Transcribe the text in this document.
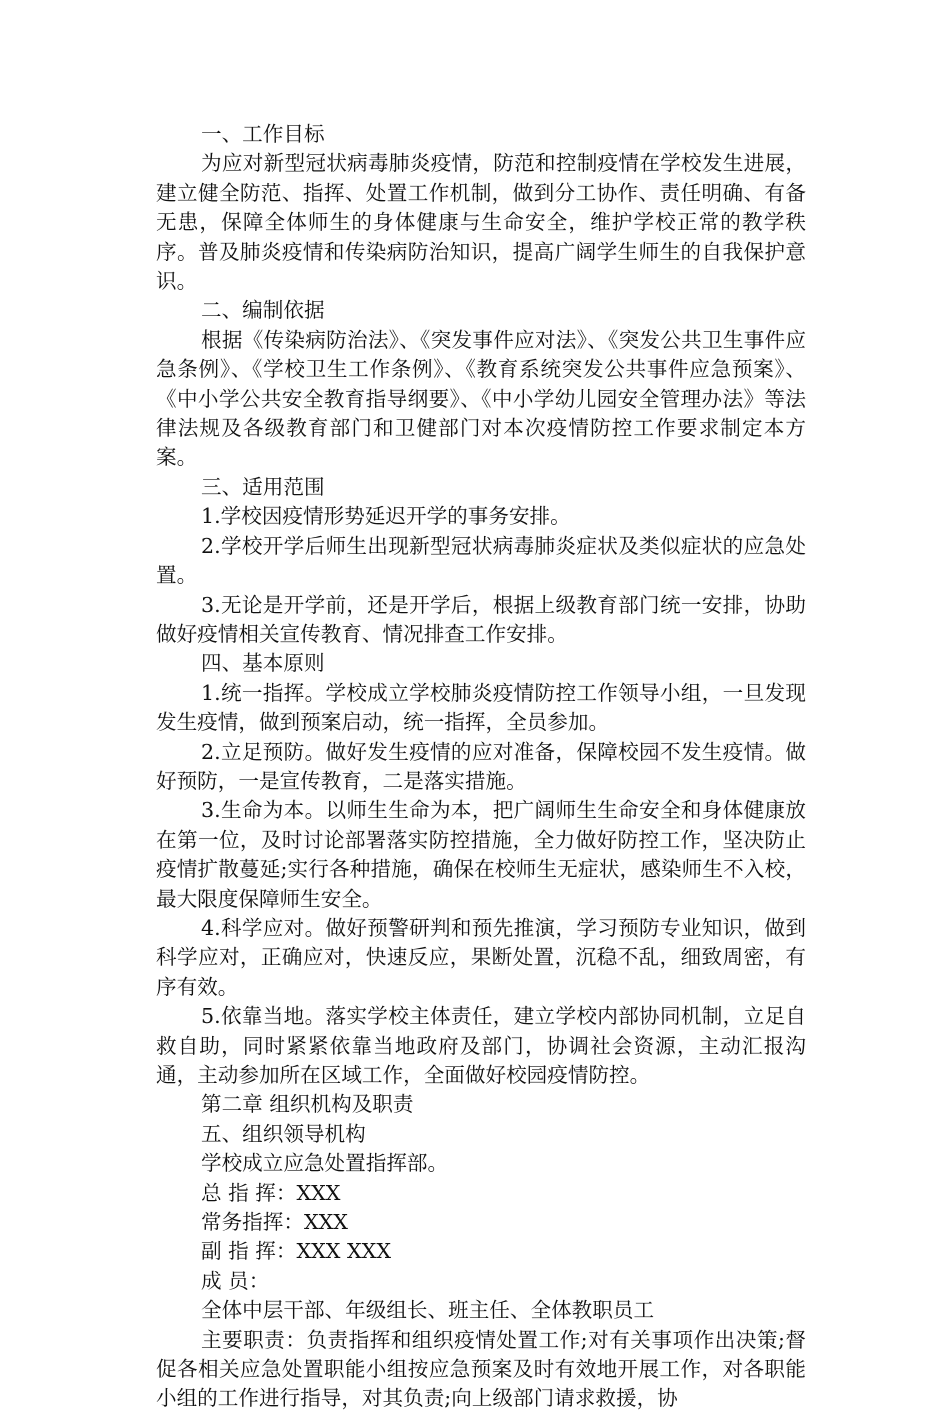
一、工作目标

为应对新型冠状病毒肺炎疫情，防范和控制疫情在学校发生进展，建立健全防范、指挥、处置工作机制，做到分工协作、责任明确、有备无患，保障全体师生的身体健康与生命安全，维护学校正常的教学秩序。普及肺炎疫情和传染病防治知识，提高广阔学生师生的自我保护意识。

二、编制依据

根据《传染病防治法》、《突发事件应对法》、《突发公共卫生事件应急条例》、《学校卫生工作条例》、《教育系统突发公共事件应急预案》、《中小学公共安全教育指导纲要》、《中小学幼儿园安全管理办法》等法律法规及各级教育部门和卫健部门对本次疫情防控工作要求制定本方案。

三、适用范围

1.学校因疫情形势延迟开学的事务安排。

2.学校开学后师生出现新型冠状病毒肺炎症状及类似症状的应急处置。

3.无论是开学前，还是开学后，根据上级教育部门统一安排，协助做好疫情相关宣传教育、情况排查工作安排。

四、基本原则

1.统一指挥。学校成立学校肺炎疫情防控工作领导小组，一旦发现发生疫情，做到预案启动，统一指挥，全员参加。

2.立足预防。做好发生疫情的应对准备，保障校园不发生疫情。做好预防，一是宣传教育，二是落实措施。

3.生命为本。以师生生命为本，把广阔师生生命安全和身体健康放在第一位，及时讨论部署落实防控措施，全力做好防控工作，坚决防止疫情扩散蔓延;实行各种措施，确保在校师生无症状，感染师生不入校，最大限度保障师生安全。

4.科学应对。做好预警研判和预先推演，学习预防专业知识，做到科学应对，正确应对，快速反应，果断处置，沉稳不乱，细致周密，有序有效。

5.依靠当地。落实学校主体责任，建立学校内部协同机制，立足自救自助，同时紧紧依靠当地政府及部门，协调社会资源，主动汇报沟通，主动参加所在区域工作，全面做好校园疫情防控。

第二章 组织机构及职责

五、组织领导机构

学校成立应急处置指挥部。

总 指 挥：XXX

常务指挥：XXX

副 指 挥：XXX XXX

成 员：

全体中层干部、年级组长、班主任、全体教职员工

主要职责：负责指挥和组织疫情处置工作;对有关事项作出决策;督促各相关应急处置职能小组按应急预案及时有效地开展工作，对各职能小组的工作进行指导，对其负责;向上级部门请求救援，协
